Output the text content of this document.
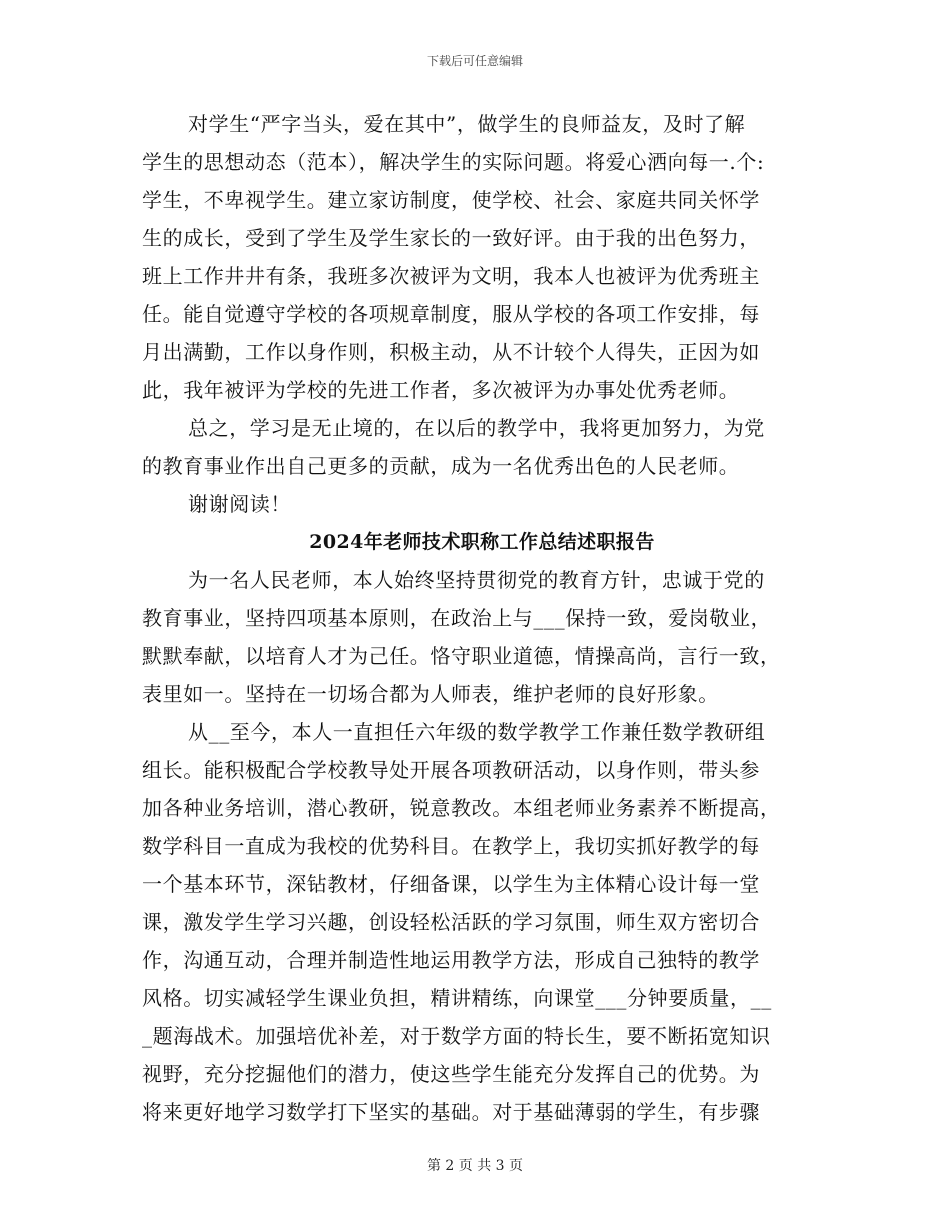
下载后可任意编辑
对学生“严字当头，爱在其中”，做学生的良师益友，及时了解
学生的思想动态（范本），解决学生的实际问题。将爱心洒向每一.个:
学生，不卑视学生。建立家访制度，使学校、社会、家庭共同关怀学
生的成长，受到了学生及学生家长的一致好评。由于我的出色努力，
班上工作井井有条，我班多次被评为文明，我本人也被评为优秀班主
任。能自觉遵守学校的各项规章制度，服从学校的各项工作安排，每
月出满勤，工作以身作则，积极主动，从不计较个人得失，正因为如
此，我年被评为学校的先进工作者，多次被评为办事处优秀老师。
总之，学习是无止境的，在以后的教学中，我将更加努力，为党
的教育事业作出自己更多的贡献，成为一名优秀出色的人民老师。
谢谢阅读！
2024年老师技术职称工作总结述职报告
为一名人民老师，本人始终坚持贯彻党的教育方针，忠诚于党的
教育事业，坚持四项基本原则，在政治上与___保持一致，爱岗敬业，
默默奉献，以培育人才为己任。恪守职业道德，情操高尚，言行一致，
表里如一。坚持在一切场合都为人师表，维护老师的良好形象。
从__至今，本人一直担任六年级的数学教学工作兼任数学教研组
组长。能积极配合学校教导处开展各项教研活动，以身作则，带头参
加各种业务培训，潜心教研，锐意教改。本组老师业务素养不断提高，
数学科目一直成为我校的优势科目。在教学上，我切实抓好教学的每
一个基本环节，深钻教材，仔细备课，以学生为主体精心设计每一堂
课，激发学生学习兴趣，创设轻松活跃的学习氛围，师生双方密切合
作，沟通互动，合理并制造性地运用教学方法，形成自己独特的教学
风格。切实减轻学生课业负担，精讲精练，向课堂___分钟要质量，__
_题海战术。加强培优补差，对于数学方面的特长生，要不断拓宽知识
视野，充分挖掘他们的潜力，使这些学生能充分发挥自己的优势。为
将来更好地学习数学打下坚实的基础。对于基础薄弱的学生，有步骤
第 2 页 共 3 页
